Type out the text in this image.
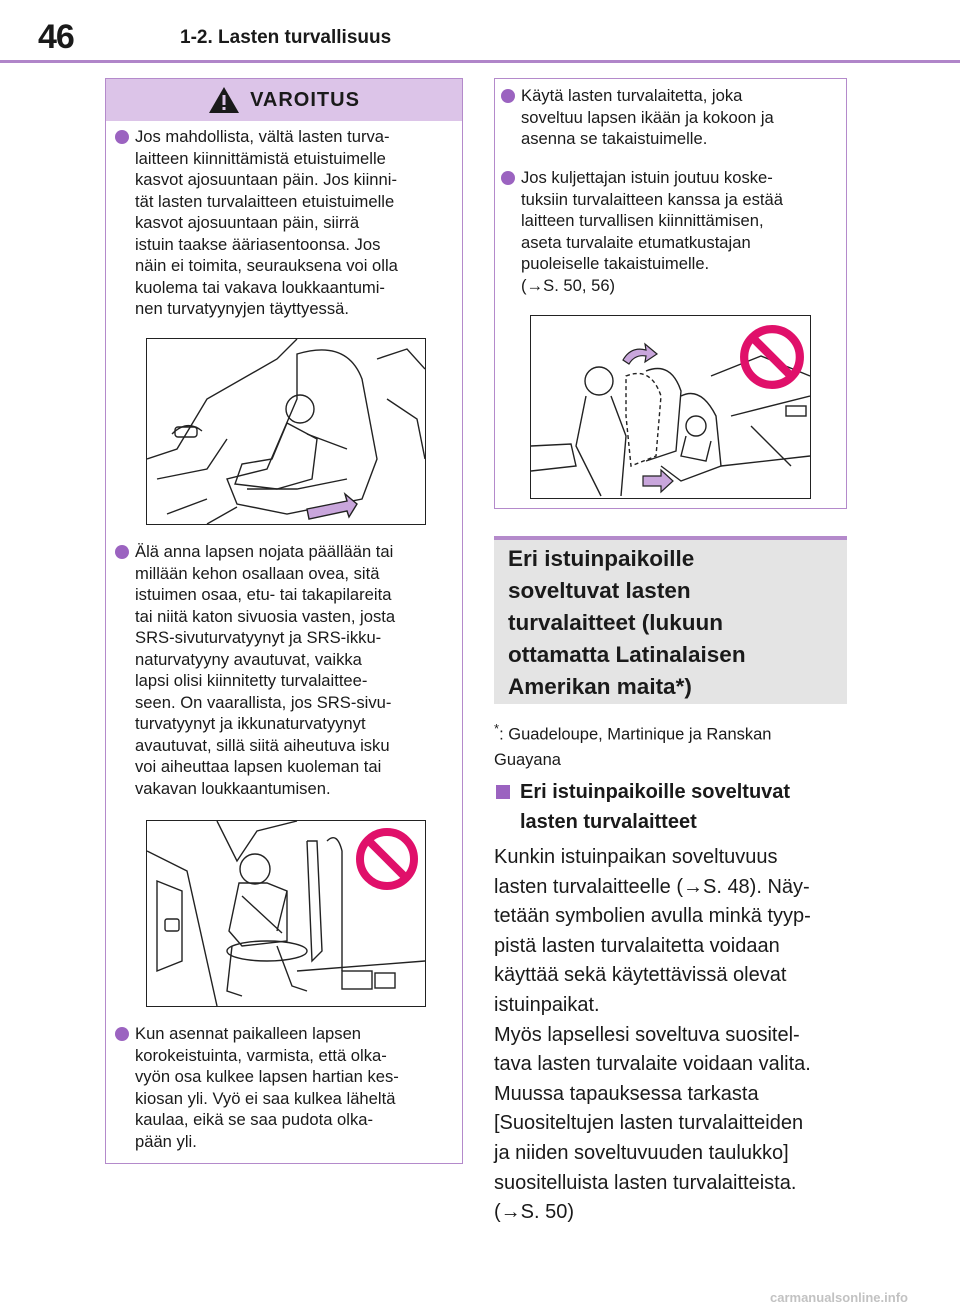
46	1-2. Lasten turvallisuus
VAROITUS

Jos mahdollista, vältä lasten turva-
laitteen kiinnittämistä etuistuimelle
kasvot ajosuuntaan päin. Jos kiinni-
tät lasten turvalaitteen etuistuimelle
kasvot ajosuuntaan päin, siirrä
istuin taakse ääriasentoonsa. Jos
näin ei toimita, seurauksena voi olla
kuolema tai vakava loukkaantumi-
nen turvatyynyjen täyttyessä.

Älä anna lapsen nojata päällään tai
millään kehon osallaan ovea, sitä
istuimen osaa, etu- tai takapilareita
tai niitä katon sivuosia vasten, josta
SRS-sivuturvatyynyt ja SRS-ikku-
naturvatyyny avautuvat, vaikka
lapsi olisi kiinnitetty turvalaitteе-
seen. On vaarallista, jos SRS-sivu-
turvatyynyt ja ikkunaturvatyynyt
avautuvat, sillä siitä aiheutuva isku
voi aiheuttaa lapsen kuoleman tai
vakavan loukkaantumisen.

Kun asennat paikalleen lapsen
korokeistuinta, varmista, että olka-
vyön osa kulkee lapsen hartian kes-
kiosan yli. Vyö ei saa kulkea läheltä
kaulaa, eikä se saa pudota olka-
pään yli.

Käytä lasten turvalaitetta, joka
soveltuu lapsen ikään ja kokoon ja
asenna se takaistuimelle.

Jos kuljettajan istuin joutuu koske-
tuksiin turvalaitteen kanssa ja estää
laitteen turvallisen kiinnittämisen,
aseta turvalaite etumatkustajan
puoleiselle takaistuimelle.
(→S. 50, 56)

Eri istuinpaikoille
soveltuvat lasten
turvalaitteet (lukuun
ottamatta Latinalaisen
Amerikan maita*)

*: Guadeloupe, Martinique ja Ranskan
Guayana

Eri istuinpaikoille soveltuvat
lasten turvalaitteet

Kunkin istuinpaikan soveltuvuus
lasten turvalaitteelle (→S. 48). Näy-
tetään symbolien avulla minkä tyyp-
pistä lasten turvalaitetta voidaan
käyttää sekä käytettävissä olevat
istuinpaikat.
Myös lapsellesi soveltuva suositel-
tava lasten turvalaite voidaan valita.
Muussa tapauksessa tarkasta
[Suositeltujen lasten turvalaitteiden
ja niiden soveltuvuuden taulukko]
suositelluista lasten turvalaitteista.
(→S. 50)
carmanualsonline.info
